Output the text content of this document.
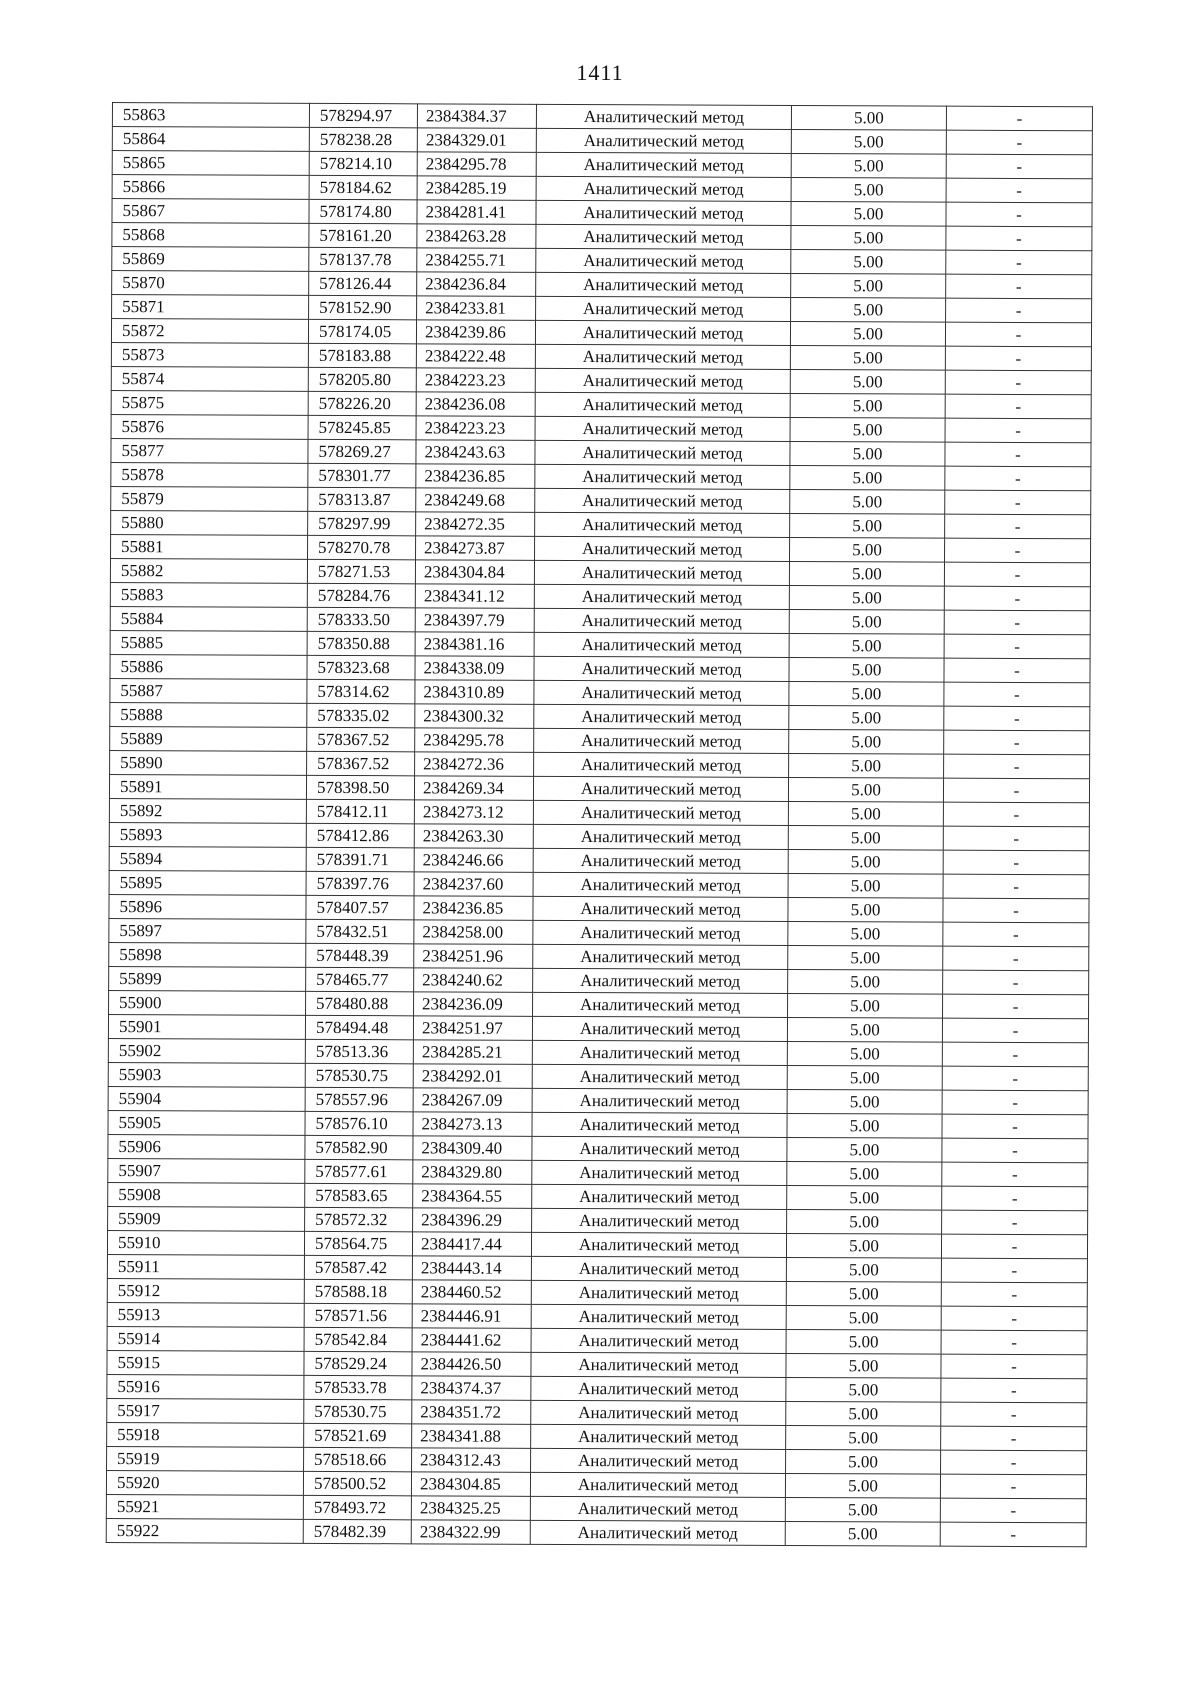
1411
55863	578294.97	2384384.37	Аналитический метод	5.00	-
55864	578238.28	2384329.01	Аналитический метод	5.00	-
55865	578214.10	2384295.78	Аналитический метод	5.00	-
55866	578184.62	2384285.19	Аналитический метод	5.00	-
55867	578174.80	2384281.41	Аналитический метод	5.00	-
55868	578161.20	2384263.28	Аналитический метод	5.00	-
55869	578137.78	2384255.71	Аналитический метод	5.00	-
55870	578126.44	2384236.84	Аналитический метод	5.00	-
55871	578152.90	2384233.81	Аналитический метод	5.00	-
55872	578174.05	2384239.86	Аналитический метод	5.00	-
55873	578183.88	2384222.48	Аналитический метод	5.00	-
55874	578205.80	2384223.23	Аналитический метод	5.00	-
55875	578226.20	2384236.08	Аналитический метод	5.00	-
55876	578245.85	2384223.23	Аналитический метод	5.00	-
55877	578269.27	2384243.63	Аналитический метод	5.00	-
55878	578301.77	2384236.85	Аналитический метод	5.00	-
55879	578313.87	2384249.68	Аналитический метод	5.00	-
55880	578297.99	2384272.35	Аналитический метод	5.00	-
55881	578270.78	2384273.87	Аналитический метод	5.00	-
55882	578271.53	2384304.84	Аналитический метод	5.00	-
55883	578284.76	2384341.12	Аналитический метод	5.00	-
55884	578333.50	2384397.79	Аналитический метод	5.00	-
55885	578350.88	2384381.16	Аналитический метод	5.00	-
55886	578323.68	2384338.09	Аналитический метод	5.00	-
55887	578314.62	2384310.89	Аналитический метод	5.00	-
55888	578335.02	2384300.32	Аналитический метод	5.00	-
55889	578367.52	2384295.78	Аналитический метод	5.00	-
55890	578367.52	2384272.36	Аналитический метод	5.00	-
55891	578398.50	2384269.34	Аналитический метод	5.00	-
55892	578412.11	2384273.12	Аналитический метод	5.00	-
55893	578412.86	2384263.30	Аналитический метод	5.00	-
55894	578391.71	2384246.66	Аналитический метод	5.00	-
55895	578397.76	2384237.60	Аналитический метод	5.00	-
55896	578407.57	2384236.85	Аналитический метод	5.00	-
55897	578432.51	2384258.00	Аналитический метод	5.00	-
55898	578448.39	2384251.96	Аналитический метод	5.00	-
55899	578465.77	2384240.62	Аналитический метод	5.00	-
55900	578480.88	2384236.09	Аналитический метод	5.00	-
55901	578494.48	2384251.97	Аналитический метод	5.00	-
55902	578513.36	2384285.21	Аналитический метод	5.00	-
55903	578530.75	2384292.01	Аналитический метод	5.00	-
55904	578557.96	2384267.09	Аналитический метод	5.00	-
55905	578576.10	2384273.13	Аналитический метод	5.00	-
55906	578582.90	2384309.40	Аналитический метод	5.00	-
55907	578577.61	2384329.80	Аналитический метод	5.00	-
55908	578583.65	2384364.55	Аналитический метод	5.00	-
55909	578572.32	2384396.29	Аналитический метод	5.00	-
55910	578564.75	2384417.44	Аналитический метод	5.00	-
55911	578587.42	2384443.14	Аналитический метод	5.00	-
55912	578588.18	2384460.52	Аналитический метод	5.00	-
55913	578571.56	2384446.91	Аналитический метод	5.00	-
55914	578542.84	2384441.62	Аналитический метод	5.00	-
55915	578529.24	2384426.50	Аналитический метод	5.00	-
55916	578533.78	2384374.37	Аналитический метод	5.00	-
55917	578530.75	2384351.72	Аналитический метод	5.00	-
55918	578521.69	2384341.88	Аналитический метод	5.00	-
55919	578518.66	2384312.43	Аналитический метод	5.00	-
55920	578500.52	2384304.85	Аналитический метод	5.00	-
55921	578493.72	2384325.25	Аналитический метод	5.00	-
55922	578482.39	2384322.99	Аналитический метод	5.00	-
